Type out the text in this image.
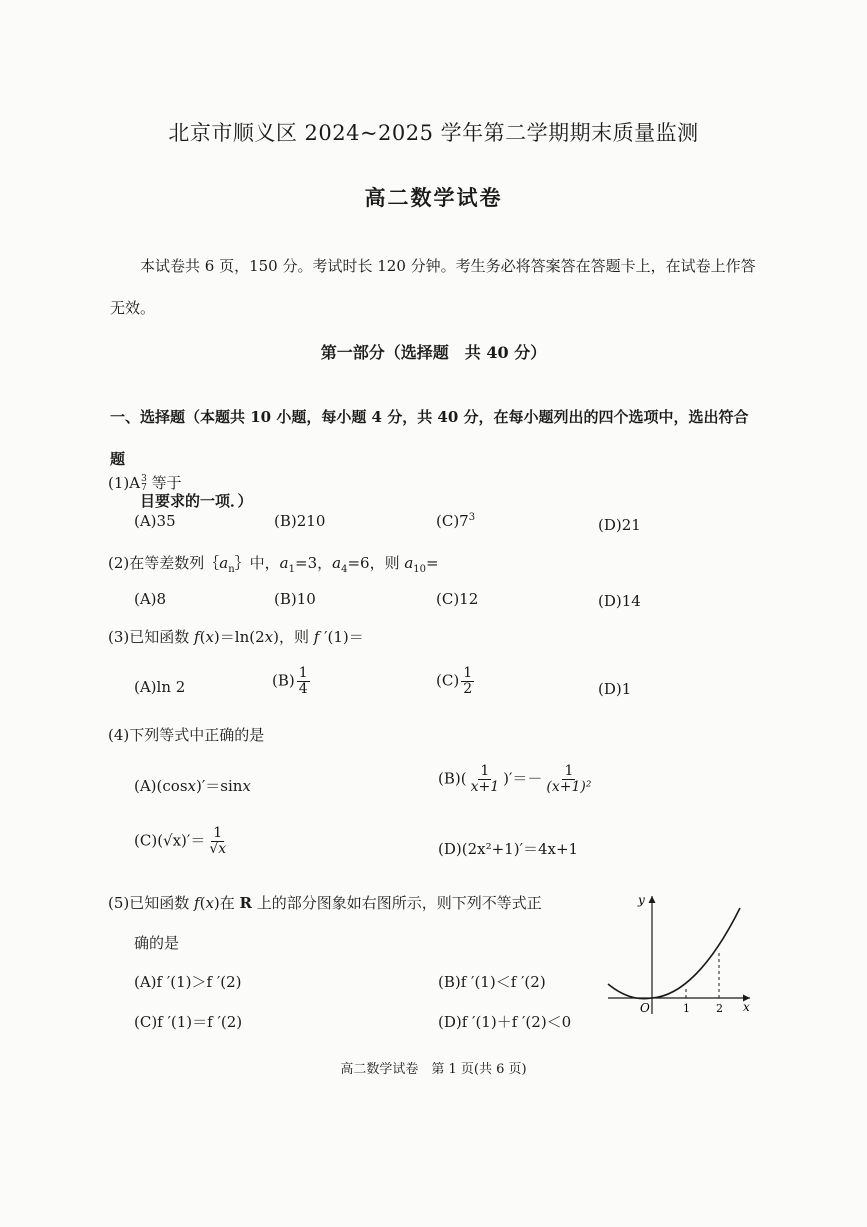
北京市顺义区 2024~2025 学年第二学期期末质量监测
高二数学试卷
本试卷共 6 页，150 分。考试时长 120 分钟。考生务必将答案答在答题卡上，在试卷上作答无效。
第一部分（选择题　共 40 分）
一、选择题（本题共 10 小题，每小题 4 分，共 40 分，在每小题列出的四个选项中，选出符合题
目要求的一项．）
(1)A 3
7 等于
(A)35	(B)210	$(C)7^3$	(D)21
(2)在等差数列$\{a_n\}$中，$a_1=3$，$a_4=6$，则 $a_{10}=$
(A)8	(B)10	(C)12	(D)14
(3)已知函数 f(x)＝ln(2x)，则 f ′(1)＝
(A)ln 2	$(B) \frac{1}{4}$	$(C) \frac{1}{2}$	(D)1
(4)下列等式中正确的是
(A)(cosx)′＝sinx	$(B)( \frac{1}{x+1}$ )′＝－ $\frac{1}{\text{(x+1)²}}$
$(C)(√x)'= \frac{1}{√x}$	(D)(2x²+1)′＝4x+1
(5)已知函数 f(x)在 R 上的部分图象如右图所示，则下列不等式正
确的是
(A)f ′(1)＞f ′(2)	(B)f ′(1)＜f ′(2)
(C)f ′(1)＝f ′(2)	(D)f ′(1)＋f ′(2)＜0
y
x
O	1 2
高二数学试卷　第 1 页(共 6 页)
